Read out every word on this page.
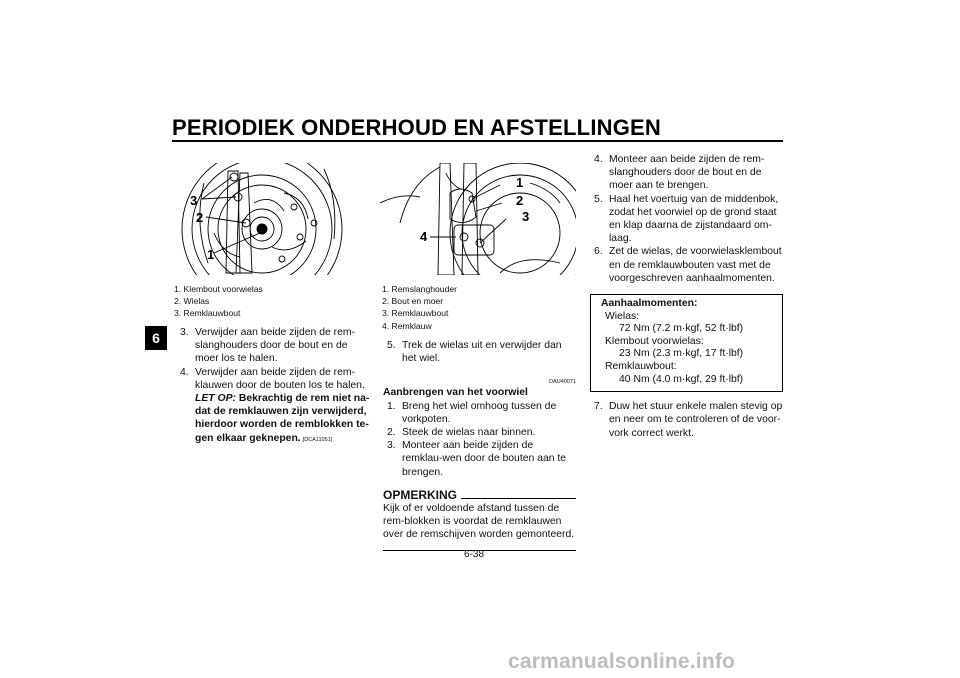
PERIODIEK ONDERHOUD EN AFSTELLINGEN
6
3
2
1
1. Klembout voorwielas
2. Wielas
3. Remklauwbout
3. Verwijder aan beide zijden de rem-slanghouders door de bout en de moer los te halen.
4. Verwijder aan beide zijden de rem-klauwen door de bouten los te halen. LET OP: Bekrachtig de rem niet na-dat de remklauwen zijn verwijderd, hierdoor worden de remblokken te-gen elkaar geknepen. [DCA11051]
1
2
3
4
1. Remslanghouder
2. Bout en moer
3. Remklauwbout
4. Remklauw
5. Trek de wielas uit en verwijder dan het wiel.
DAU40071
Aanbrengen van het voorwiel
1. Breng het wiel omhoog tussen de vorkpoten.
2. Steek de wielas naar binnen.
3. Monteer aan beide zijden de remklau-wen door de bouten aan te brengen.
OPMERKING
Kijk of er voldoende afstand tussen de rem-blokken is voordat de remklauwen over de remschijven worden gemonteerd.
4. Monteer aan beide zijden de rem-slanghouders door de bout en de moer aan te brengen.
5. Haal het voertuig van de middenbok, zodat het voorwiel op de grond staat en klap daarna de zijstandaard om-laag.
6. Zet de wielas, de voorwielasklembout en de remklauwbouten vast met de voorgeschreven aanhaalmomenten.
Aanhaalmomenten:
Wielas:
72 Nm (7.2 m·kgf, 52 ft·lbf)
Klembout voorwielas:
23 Nm (2.3 m·kgf, 17 ft·lbf)
Remklauwbout:
40 Nm (4.0 m·kgf, 29 ft·lbf)
7. Duw het stuur enkele malen stevig op en neer om te controleren of de voor-vork correct werkt.
6-38
carmanualsonline.info
